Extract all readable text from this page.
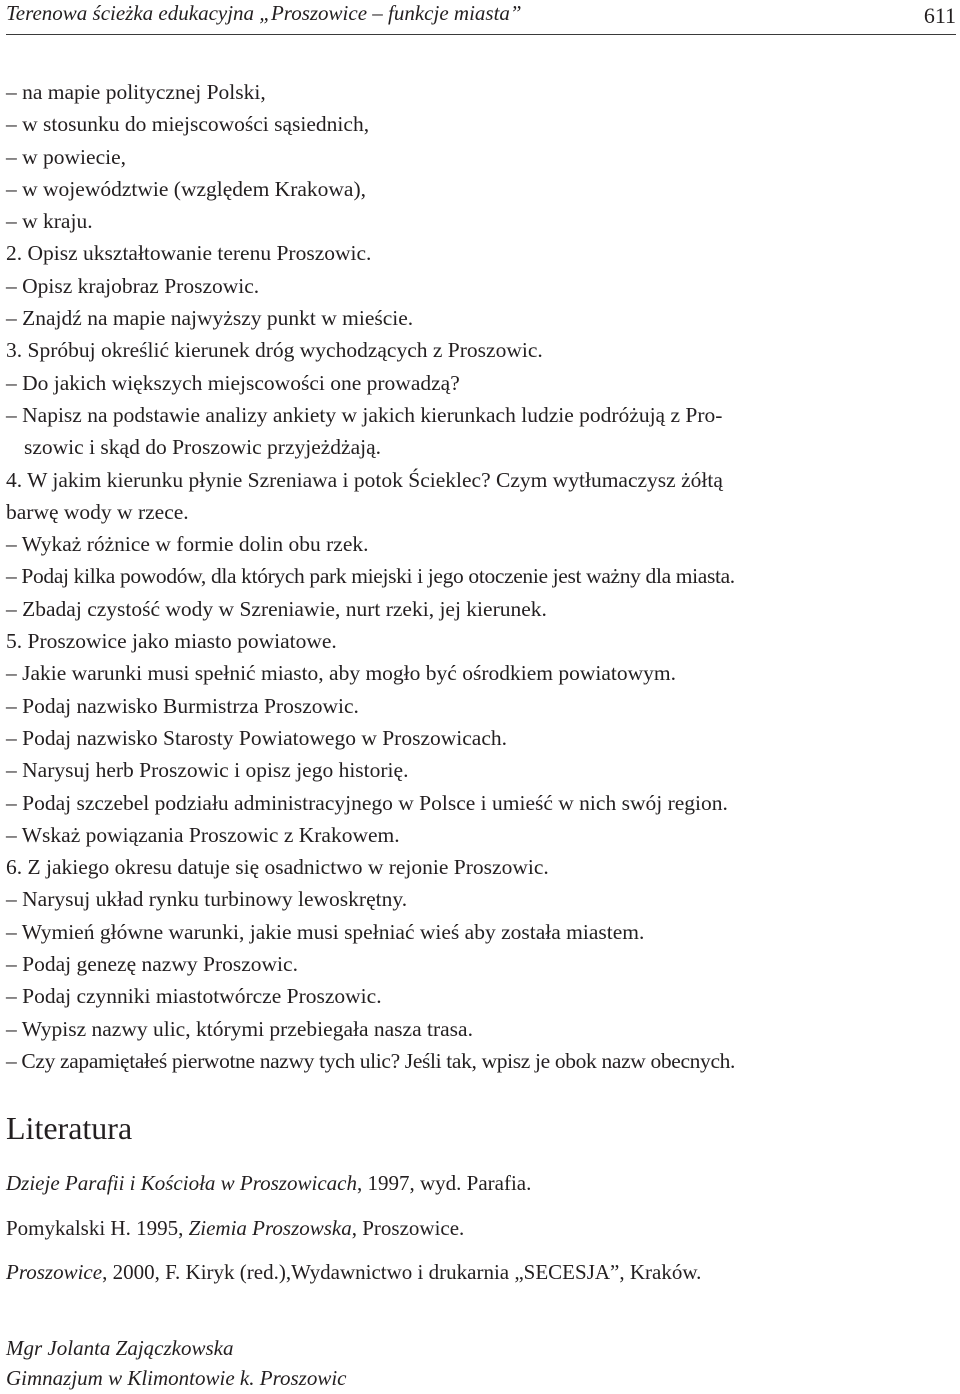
Terenowa ścieżka edukacyjna „Proszowice – funkcje miasta”	611
– na mapie politycznej Polski,
– w stosunku do miejscowości sąsiednich,
– w powiecie,
– w województwie (względem Krakowa),
– w kraju.
2. Opisz ukształtowanie terenu Proszowic.
– Opisz krajobraz Proszowic.
– Znajdź na mapie najwyższy punkt w mieście.
3. Spróbuj określić kierunek dróg wychodzących z Proszowic.
– Do jakich większych miejscowości one prowadzą?
– Napisz na podstawie analizy ankiety w jakich kierunkach ludzie podróżują z Pro-
szowic i skąd do Proszowic przyjeżdżają.
4. W jakim kierunku płynie Szreniawa i potok Ścieklec? Czym wytłumaczysz żółtą
barwę wody w rzece.
– Wykaż różnice w formie dolin obu rzek.
– Podaj kilka powodów, dla których park miejski i jego otoczenie jest ważny dla miasta.
– Zbadaj czystość wody w Szreniawie, nurt rzeki, jej kierunek.
5. Proszowice jako miasto powiatowe.
– Jakie warunki musi spełnić miasto, aby mogło być ośrodkiem powiatowym.
– Podaj nazwisko Burmistrza Proszowic.
– Podaj nazwisko Starosty Powiatowego w Proszowicach.
– Narysuj herb Proszowic i opisz jego historię.
– Podaj szczebel podziału administracyjnego w Polsce i umieść w nich swój region.
– Wskaż powiązania Proszowic z Krakowem.
6. Z jakiego okresu datuje się osadnictwo w rejonie Proszowic.
– Narysuj układ rynku turbinowy lewoskrętny.
– Wymień główne warunki, jakie musi spełniać wieś aby została miastem.
– Podaj genezę nazwy Proszowic.
– Podaj czynniki miastotwórcze Proszowic.
– Wypisz nazwy ulic, którymi przebiegała nasza trasa.
– Czy zapamiętałeś pierwotne nazwy tych ulic? Jeśli tak, wpisz je obok nazw obecnych.
Literatura
Dzieje Parafii i Kościoła w Proszowicach, 1997, wyd. Parafia.
Pomykalski H. 1995, Ziemia Proszowska, Proszowice.
Proszowice, 2000, F. Kiryk (red.),Wydawnictwo i drukarnia „SECESJA”, Kraków.
Mgr Jolanta Zajączkowska
Gimnazjum w Klimontowie k. Proszowic
